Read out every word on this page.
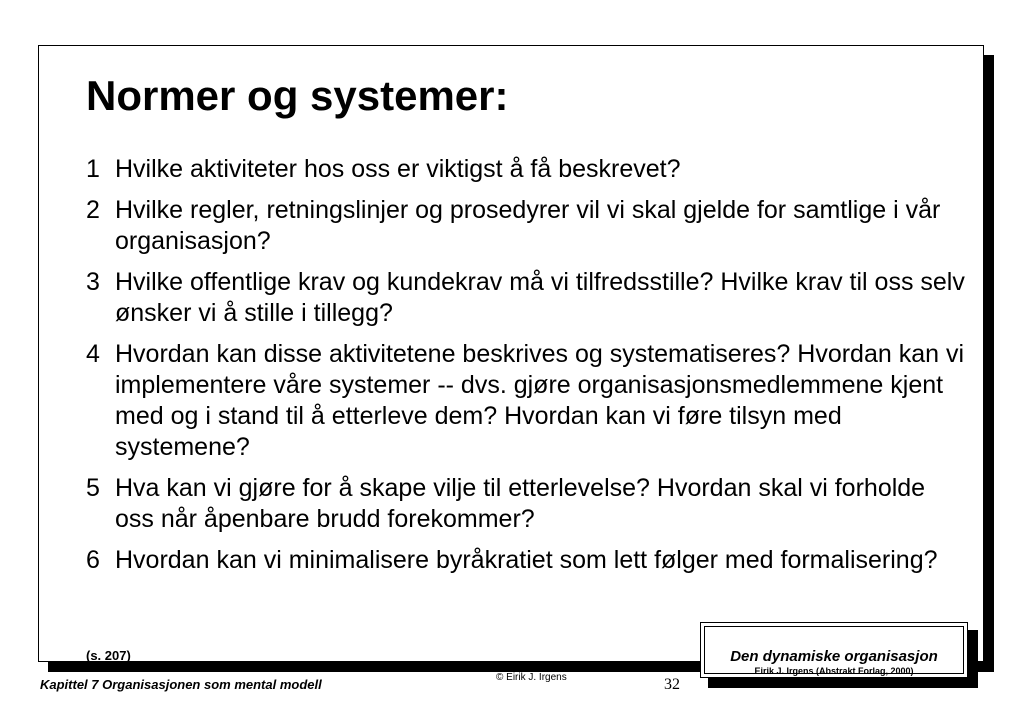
Normer og systemer:
1 Hvilke aktiviteter hos oss er viktigst å få beskrevet?
2 Hvilke regler, retningslinjer og prosedyrer vil vi skal gjelde for samtlige i vår organisasjon?
3 Hvilke offentlige krav og kundekrav må vi tilfredsstille? Hvilke krav til oss selv ønsker vi å stille i tillegg?
4 Hvordan kan disse aktivitetene beskrives og systematiseres? Hvordan kan vi implementere våre systemer -- dvs. gjøre organisasjonsmedlemmene kjent med og i stand til å etterleve dem? Hvordan kan vi føre tilsyn med systemene?
5 Hva kan vi gjøre for å skape vilje til etterlevelse? Hvordan skal vi forholde oss når åpenbare brudd forekommer?
6 Hvordan kan vi minimalisere byråkratiet som lett følger med formalisering?
(s. 207)	Den dynamiske organisasjon
Eirik J. Irgens (Abstrakt Forlag, 2000)
Kapittel 7 Organisasjonen som mental modell	© Eirik J. Irgens	32
